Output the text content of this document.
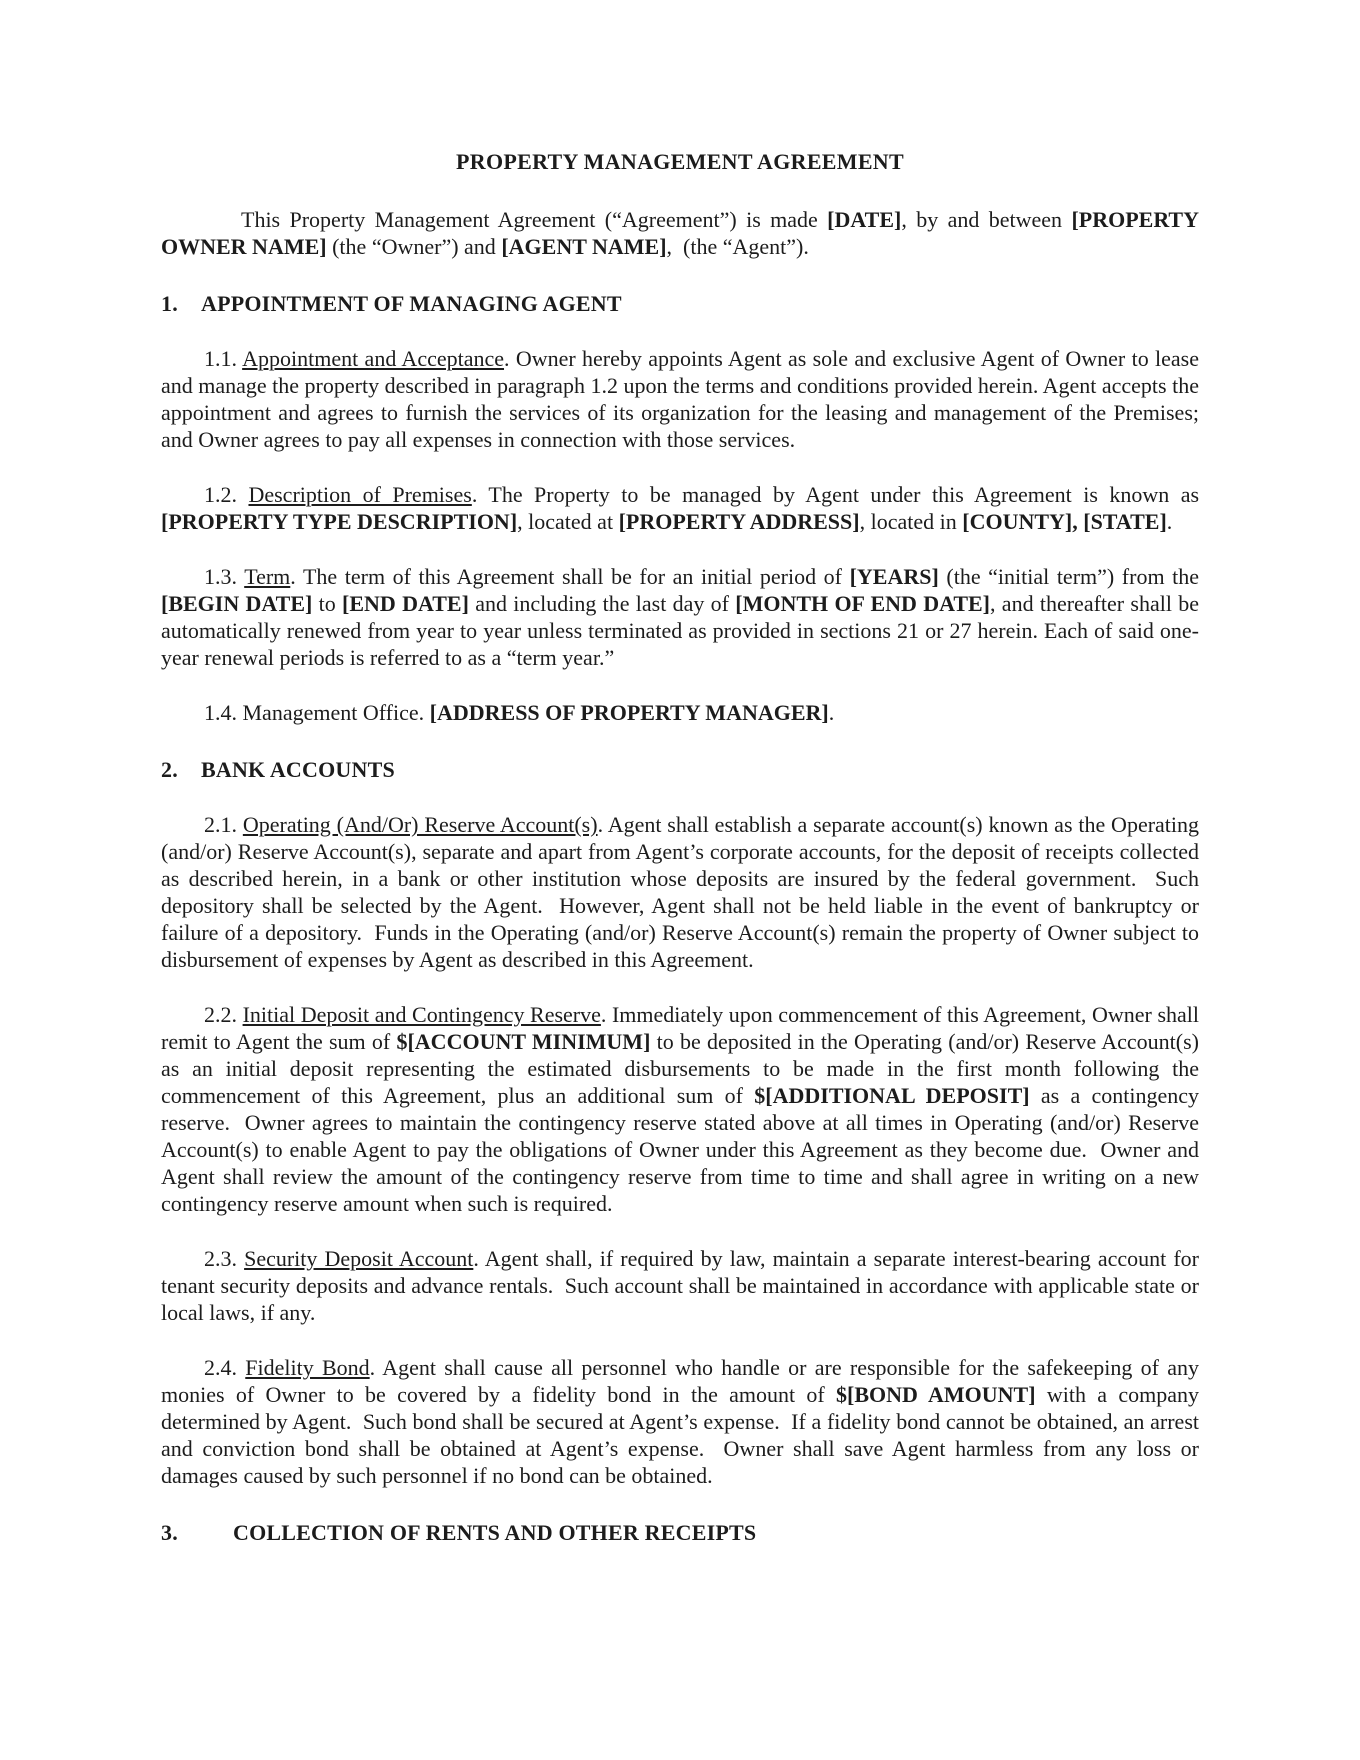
PROPERTY MANAGEMENT AGREEMENT

This Property Management Agreement (“Agreement”) is made [DATE], by and between [PROPERTY OWNER NAME] (the “Owner”) and [AGENT NAME],  (the “Agent”).

1. APPOINTMENT OF MANAGING AGENT

1.1. Appointment and Acceptance. Owner hereby appoints Agent as sole and exclusive Agent of Owner to lease and manage the property described in paragraph 1.2 upon the terms and conditions provided herein. Agent accepts the appointment and agrees to furnish the services of its organization for the leasing and management of the Premises; and Owner agrees to pay all expenses in connection with those services.

1.2. Description of Premises. The Property to be managed by Agent under this Agreement is known as [PROPERTY TYPE DESCRIPTION], located at [PROPERTY ADDRESS], located in [COUNTY], [STATE].

1.3. Term. The term of this Agreement shall be for an initial period of [YEARS] (the “initial term”) from the [BEGIN DATE] to [END DATE] and including the last day of [MONTH OF END DATE], and thereafter shall be automatically renewed from year to year unless terminated as provided in sections 21 or 27 herein. Each of said one-year renewal periods is referred to as a “term year.”

1.4. Management Office. [ADDRESS OF PROPERTY MANAGER].

2. BANK ACCOUNTS

2.1. Operating (And/Or) Reserve Account(s). Agent shall establish a separate account(s) known as the Operating (and/or) Reserve Account(s), separate and apart from Agent’s corporate accounts, for the deposit of receipts collected as described herein, in a bank or other institution whose deposits are insured by the federal government.  Such depository shall be selected by the Agent.  However, Agent shall not be held liable in the event of bankruptcy or failure of a depository.  Funds in the Operating (and/or) Reserve Account(s) remain the property of Owner subject to disbursement of expenses by Agent as described in this Agreement.

2.2. Initial Deposit and Contingency Reserve. Immediately upon commencement of this Agreement, Owner shall remit to Agent the sum of $[ACCOUNT MINIMUM] to be deposited in the Operating (and/or) Reserve Account(s) as an initial deposit representing the estimated disbursements to be made in the first month following the commencement of this Agreement, plus an additional sum of $[ADDITIONAL DEPOSIT] as a contingency reserve.  Owner agrees to maintain the contingency reserve stated above at all times in Operating (and/or) Reserve Account(s) to enable Agent to pay the obligations of Owner under this Agreement as they become due.  Owner and Agent shall review the amount of the contingency reserve from time to time and shall agree in writing on a new contingency reserve amount when such is required.

2.3. Security Deposit Account. Agent shall, if required by law, maintain a separate interest-bearing account for tenant security deposits and advance rentals.  Such account shall be maintained in accordance with applicable state or local laws, if any.

2.4. Fidelity Bond. Agent shall cause all personnel who handle or are responsible for the safekeeping of any monies of Owner to be covered by a fidelity bond in the amount of $[BOND AMOUNT] with a company determined by Agent.  Such bond shall be secured at Agent’s expense.  If a fidelity bond cannot be obtained, an arrest and conviction bond shall be obtained at Agent’s expense.  Owner shall save Agent harmless from any loss or damages caused by such personnel if no bond can be obtained.

3.	COLLECTION OF RENTS AND OTHER RECEIPTS
